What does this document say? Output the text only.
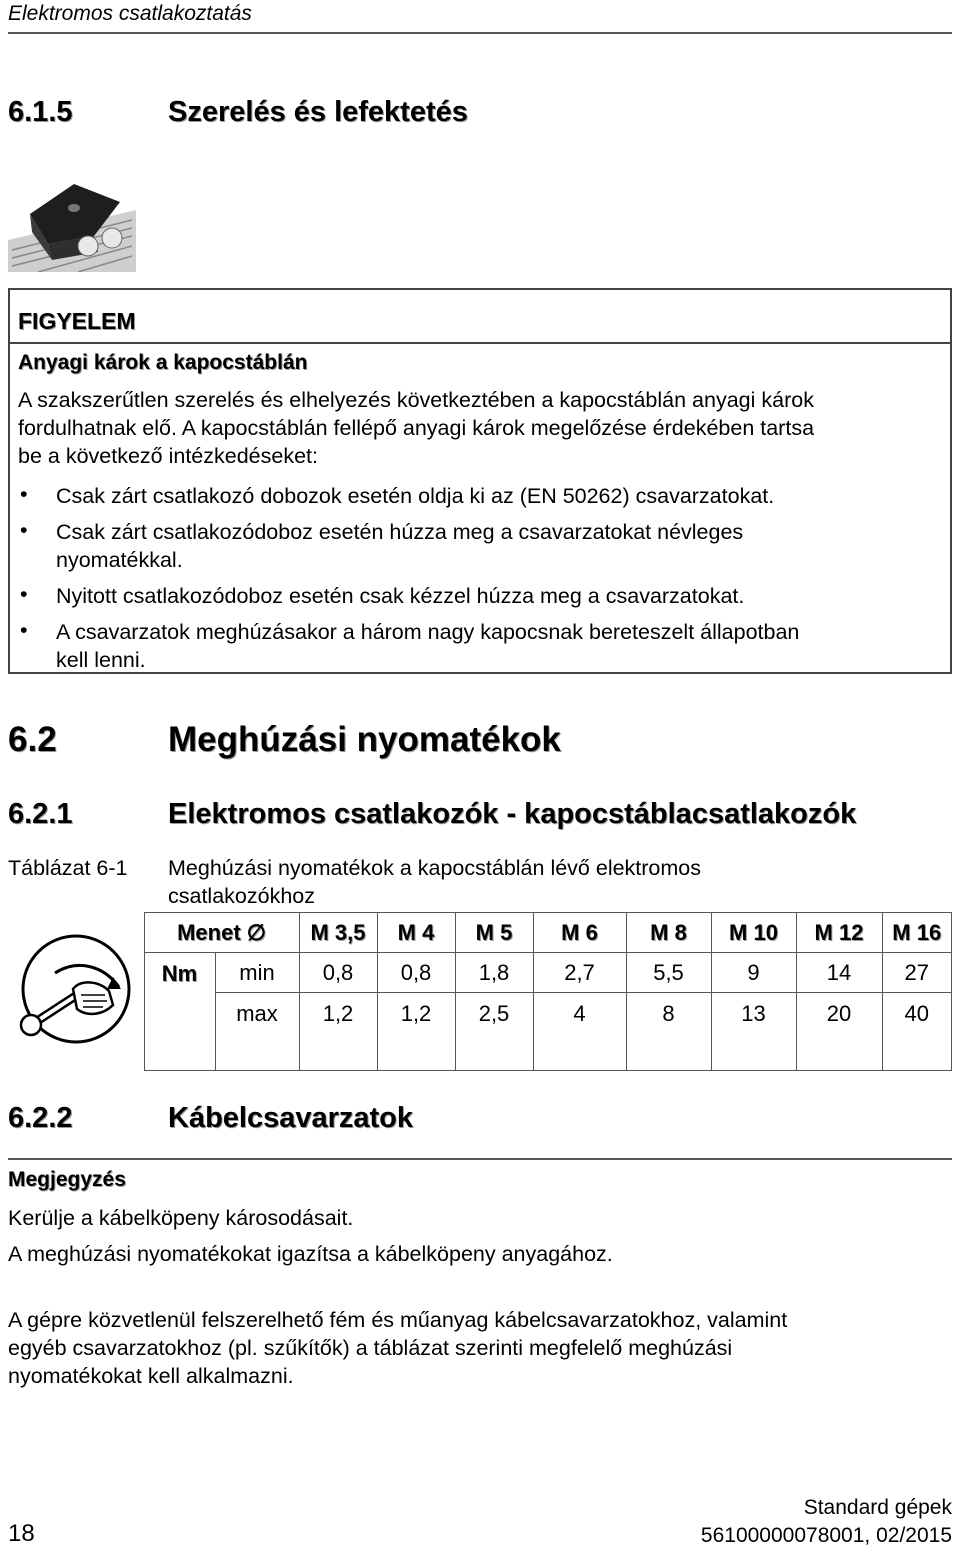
Elektromos csatlakoztatás
6.1.5	Szerelés és lefektetés
FIGYELEM
Anyagi károk a kapocstáblán
A szakszerűtlen szerelés és elhelyezés következtében a kapocstáblán anyagi károk
fordulhatnak elő. A kapocstáblán fellépő anyagi károk megelőzése érdekében tartsa
be a következő intézkedéseket:
• Csak zárt csatlakozó dobozok esetén oldja ki az (EN 50262) csavarzatokat.
• Csak zárt csatlakozódoboz esetén húzza meg a csavarzatokat névleges
nyomatékkal.
• Nyitott csatlakozódoboz esetén csak kézzel húzza meg a csavarzatokat.
• A csavarzatok meghúzásakor a három nagy kapocsnak bereteszelt állapotban
kell lenni.
6.2	Meghúzási nyomatékok
6.2.1	Elektromos csatlakozók - kapocstáblacsatlakozók
Táblázat 6-1 Meghúzási nyomatékok a kapocstáblán lévő elektromos
csatlakozókhoz
	Menet ∅		M 3,5	M 4	M 5	M 6	M 8	M 10	M 12	M 16
	Nm	min	0,8	0,8	1,8	2,7	5,5	9	14	27
		max	1,2	1,2	2,5	4	8	13	20	40
6.2.2	Kábelcsavarzatok
Megjegyzés
Kerülje a kábelköpeny károsodásait.
A meghúzási nyomatékokat igazítsa a kábelköpeny anyagához.
A gépre közvetlenül felszerelhető fém és műanyag kábelcsavarzatokhoz, valamint
egyéb csavarzatokhoz (pl. szűkítők) a táblázat szerinti megfelelő meghúzási
nyomatékokat kell alkalmazni.
18
Standard gépek
56100000078001, 02/2015
